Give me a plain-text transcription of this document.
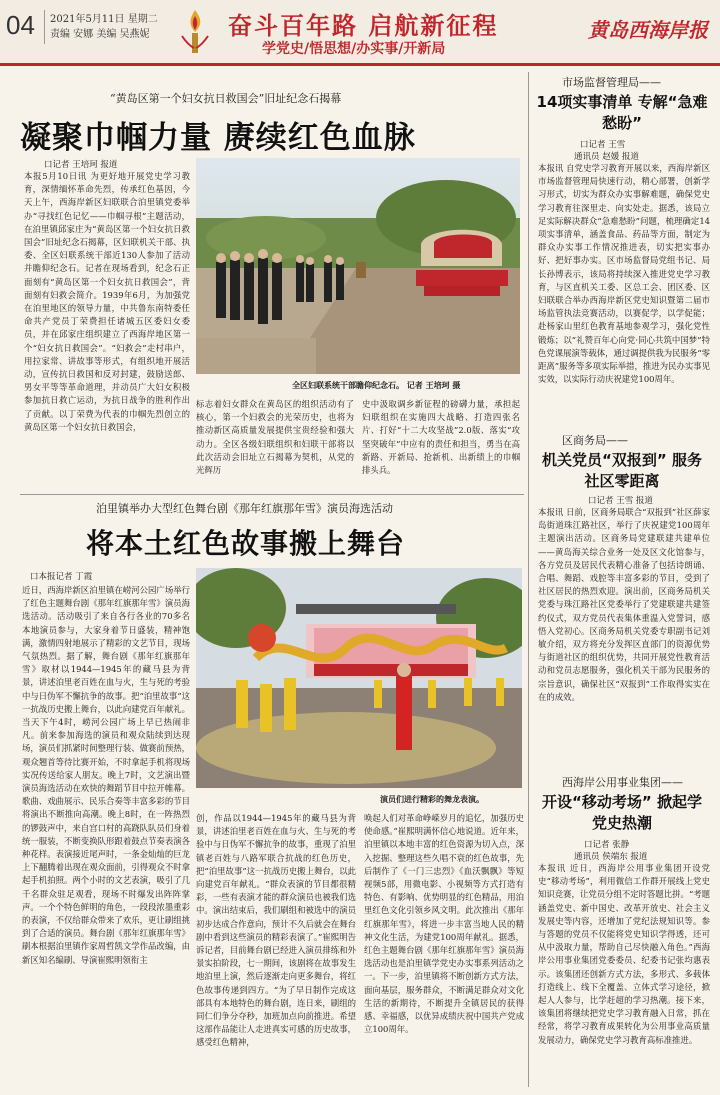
04 2021年5月11日 星期二
责编 安娜 美编 吴燕妮	奋斗百年路 启航新征程
学党史/悟思想/办实事/开新局
黄岛西海岸报
“黄岛区第一个妇女抗日救国会”旧址纪念石揭幕
凝聚巾帼力量 赓续红色血脉
口记者 王培珂 报道
本报5月10日讯 为更好地开展党史学习教育，深情缅怀革命先烈，传承红色基因，今天上午，西海岸新区妇联联合泊里镇党委举办“寻找红色记忆——巾帼寻根”主题活动，在泊里镇邱家庄为“黄岛区第一个妇女抗日救国会”旧址纪念石揭幕，区妇联机关干部、执委、全区妇联系统干部近130人参加了活动并瞻仰纪念石。记者在现场看到，纪念石正面刻有“黄岛区第一个妇女抗日救国会”，背面刻有妇救会简介。1939年6月，为加强党在泊里地区的领导力量，中共鲁东南特委任命共产党员丁荣费担任诸城五区委妇女委员，并在邱家庄组织建立了西海岸地区第一个“妇女抗日救国会”。“妇救会”走村串户，用拉家常、讲故事等形式，有组织地开展活动，宣传抗日救国和反对封建，鼓励送郎、男女平等等革命道理，并动员广大妇女积极参加抗日救亡运动，为抗日战争的胜利作出了贡献。以丁荣费为代表的巾帼先烈创立的黄岛区第一个妇女抗日救国会，
全区妇联系统干部瞻仰纪念石。 记者 王培珂 摄
标志着妇女群众在黄岛区的组织活动有了核心，第一个妇救会的光荣历史，也将为推动新区高质量发展提供宝贵经验和强大动力。全区各级妇联组织和妇联干部将以此次活动会旧址立石揭幕为契机，从党的光辉历
史中汲取调乡新征程的磅礴力量，承担起妇联组织在实施四大战略、打造四张名片、打好“十二大攻坚战”2.0版、落实“攻坚突破年”中应有的责任和担当，勇当在高新路、开新局、抢新机、出新绩上的巾帼排头兵。
泊里镇举办大型红色舞台剧《那年红旗那年雪》演员海选活动
将本土红色故事搬上舞台
口本报记者 丁霞
近日，西海岸新区泊里镇在崂河公园广场举行了红色主题舞台剧《那年红旗那年雪》演员海选活动。活动吸引了来自各行各业的70多名本地演员参与，大家身着节日盛装，精神饱满，激情四射地展示了精彩的文艺节目，现场气氛热烈。据了解，舞台剧《那年红旗那年雪》取材以1944—1945年的藏马县为背景，讲述泊里老百姓在血与火，生与死的考验中与日伪军不懈抗争的故事。把“泊里故事”这一抗战历史搬上舞台，以此向建党百年献礼。当天下午4时，崂河公园广场上早已热闹非凡。前来参加海选的演员和观众陆续到达现场，演员们抓紧时间整理行装、做赛前预热，观众翘首等待比赛开始，不时拿起手机将现场实况传送给家人朋友。晚上7时，文艺演出暨演员海选活动在欢快的舞蹈节目中拉开帷幕。歌曲、戏曲展示、民乐合奏等丰富多彩的节目将演出不断推向高潮。晚上8时，在一阵热烈的锣鼓声中，来自宫口村的高跷队队员们身着统一服装，不断变换队形跟着鼓点节奏表演各种花样。表演接近尾声时，一条金灿灿的巨龙上下翻腾着出现在观众面前，引得观众不时拿起手机拍照。两个小时的文艺表演，吸引了几千名群众驻足观看，现场不时爆发出阵阵掌声。一个个特色鲜明的角色，一段段浓墨重彩的表演，不仅给群众带来了欢乐，更让刷组挑到了合适的演员。舞台剧《那年红旗那年雪》刷本根据泊里镇作家周哲凯文学作品改编，由新区知名编刷、导演崔熙明领衔主
演员们进行精彩的舞龙表演。
创，作品以1944—1945年的藏马县为背景，讲述泊里老百姓在血与火、生与死的考验中与日伪军不懈抗争的故事，重现了泊里镇老百姓与八路军联合抗战的红色历史，把“泊里故事”这一抗战历史搬上舞台，以此向建党百年献礼。“群众表演的节目都很精彩，一些有表演才能的群众演员也被我们选中。演出结束后，我们刷组和被选中的演员初步达成合作意向，预计不久后就会在舞台剧中看到这些演员的精彩表演了。”崔熙明告诉记者，目前舞台剧已经进入演员排练和外景实拍阶段，七一期间，该剧将在故事发生地泊里上演，然后逐渐走向更多舞台，将红色故事传递到四方。“为了早日制作完成这部具有本地特色的舞台剧，连日来，刷组的同仁们争分夺秒，加班加点向前推进。希望这部作品能让人走进真实可感的历史故事，感受红色精神，
唤起人们对革命峥嵘岁月的追忆，加强历史使命感。”崔熙明满怀信心地说道。近年来，泊里镇以本地丰富的红色资源为切入点，深入挖掘、整理这些久唱不衰的红色故事，先后制作了《一门三忠烈》《血沃飘飘》等短视频5部，用微电影、小视频等方式打造有特色、有影响、优势明显的红色精品，用泊里红色文化引领乡风文明。此次推出《那年红旗那年雪》，将进一步丰富当地人民的精神文化生活，为建党100周年献礼。据悉，红色主题舞台剧《那年红旗那年雪》演员海选活动也是泊里镇学党史办实事系列活动之一。下一步，泊里镇将不断创新方式方法，面向基层，服务群众，不断满足群众对文化生活的新期待，不断提升全镇居民的获得感、幸福感，以优异成绩庆祝中国共产党成立100周年。
市场监督管理局——
14项实事清单 专解“急难愁盼”
口记者 王雪
通讯员 赵媛 报道
本报讯 自党史学习教育开展以来，西海岸新区市场监督管理局快速行动，精心部署，创新学习形式，切实为群众办实事解难题，确保党史学习教育往深里走、向实处走。据悉，该局立足实际解决群众“急难愁盼”问题，梳理确定14项实事清单，涵盖食品、药品等方面，制定为群众办实事工作情况推进表，切实把实事办好、把好事办实。区市场监督局党组书记、局长孙博表示，该局将持续深入推进党史学习教育，与区直机关工委、区总工会、团区委、区妇联联合举办西海岸新区党史知识暨第二届市场监管执法竞赛活动，以赛促学，以学促能；赴杨家山里红色教育基地参观学习，强化党性锻炼；以“礼赞百年心向党·同心共筑中国梦”特色党课展演等载体，通过调提供我为民服务“零距离”服务等多项实际举措，推进为民办实事见实效，以实际行动庆祝建党100周年。
区商务局——
机关党员“双报到” 服务社区零距离
口记者 王雪 报道
本报讯 日前，区商务局联合“双报到”社区薛家岛街道珠江路社区，举行了庆祝建党100周年主题演出活动。区商务局党建联建共建单位——黄岛海关综合业务一处及区文化馆参与，各方党员及居民代表精心准备了包括诗朗诵、合唱、舞蹈、戏腔等丰富多彩的节目，受到了社区居民的热烈欢迎。演出前，区商务局机关党委与珠江路社区党委举行了党建联建共建签约仪式，双方党员代表集体重温入党誓词，感悟入党初心。区商务局机关党委专职副书记刘敏介绍，双方将充分发挥区直部门的资源优势与街道社区的组织优势，共同开展党性教育活动和党员志愿服务，强化机关干部为民服务的宗旨意识，确保社区“双报到”工作取得实实在在的成效。
西海岸公用事业集团——
开设“移动考场” 掀起学党史热潮
口记者 张静
通讯员 侯端东 报道
本报讯 近日，西海岸公用事业集团开设党史“移动考场”，利用微信工作群开展线上党史知识竞赛，让党员分组不定时答题比拼。“考题涵盖党史、新中国史、改革开放史、社会主义发展史等内容，还增加了党纪法规知识等。参与答题的党员不仅能将党史知识学得透，还可从中汲取力量，帮助自己尽快融入角色。”西海岸公用事业集团党委委员、纪委书记张均惠表示。该集团还创新方式方法，多形式、多载体打造线上、线下全覆盖、立体式学习途径，掀起人人参与，比学赶超的学习热潮。接下来，该集团将继续把党史学习教育融入日常，抓在经常，将学习教育成果转化为公用事业高质量发展动力，确保党史学习教育高标准推进。
